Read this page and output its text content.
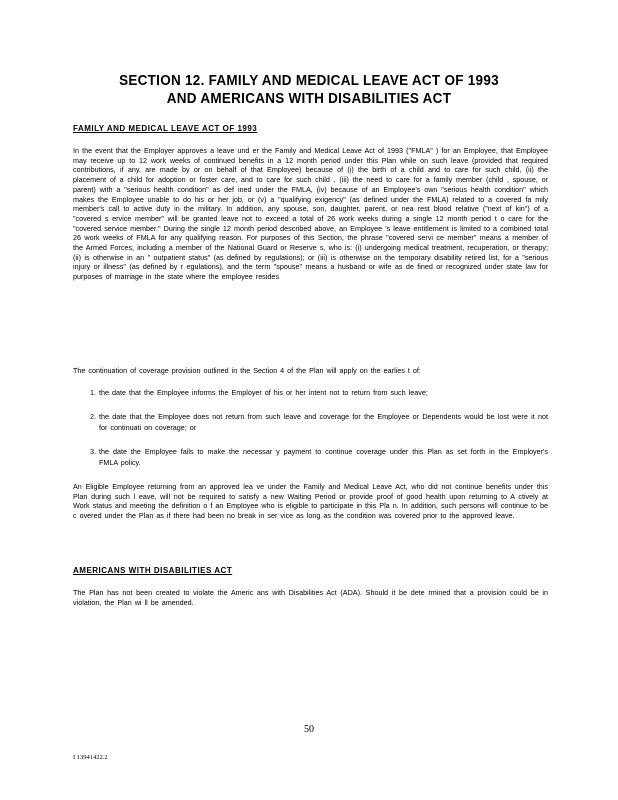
SECTION 12. FAMILY AND MEDICAL LEAVE ACT OF 1993
AND AMERICANS WITH DISABILITIES ACT
FAMILY AND MEDICAL LEAVE ACT OF 1993
In the event that the Employer approves a leave und er the Family and Medical Leave Act of 1993 ("FMLA" ) for an Employee, that Employee may receive up to 12 work weeks of continued benefits in a 12 month period under this Plan while on such leave (provided that required contributions, if any, are made by or on behalf of that Employee) because of (i) the birth of a child and to care for such child, (ii) the placement of a child for adoption or foster care, and to care for such child , (iii) the need to care for a family member (child , spouse, or parent) with a "serious health condition" as def ined under the FMLA, (iv) because of an Employee's own "serious health condition" which makes the Employee unable to do his or her job, or (v) a "qualifying exigency" (as defined under the FMLA) related to a covered fa mily member's call to active duty in the military. In addition, any spouse, son, daughter, parent, or nea rest blood relative ("next of kin") of a "covered s ervice member" will be granted leave not to exceed a total of 26 work weeks during a single 12 month period t o care for the "covered service member." During the single 12 month period described above, an Employee 's leave entitlement is limited to a combined total 26 work weeks of FMLA for any qualifying reason. For purposes of this Section, the phrase "covered servi ce member" means a member of the Armed Forces, including a member of the National Guard or Reserve s, who is: (i) undergoing medical treatment, recuperation, or therapy; (ii) is otherwise in an " outpatient status" (as defined by regulations); or (iii) is otherwise on the temporary disability retired list, for a "serious injury or illness" (as defined by r egulations), and the term "spouse" means a husband or wife as de fined or recognized under state law for purposes of marriage in the state where the employee resides
The continuation of coverage provision outlined in the Section 4 of the Plan will apply on the earlies t of:
1. the date that the Employee informs the Employer of his or her intent not to return from such leave;
2. the date that the Employee does not return from such leave and coverage for the Employee or Dependents would be lost were it not for continuati on coverage; or
3. the date the Employee fails to make the necessar y payment to continue coverage under this Plan as set forth in the Employer's FMLA policy.
An Eligible Employee returning from an approved lea ve under the Family and Medical Leave Act, who did not continue benefits under this Plan during such l eave, will not be required to satisfy a new Waiting Period or provide proof of good health upon returning to A ctively at Work status and meeting the definition o f an Employee who is eligible to participate in this Pla n. In addition, such persons will continue to be c overed under the Plan as if there had been no break in ser vice as long as the condition was covered prior to the approved leave.
AMERICANS WITH DISABILITIES ACT
The Plan has not been created to violate the Americ ans with Disabilities Act (ADA). Should it be dete rmined that a provision could be in violation, the Plan wi ll be amended.
50
I 13941422.2
